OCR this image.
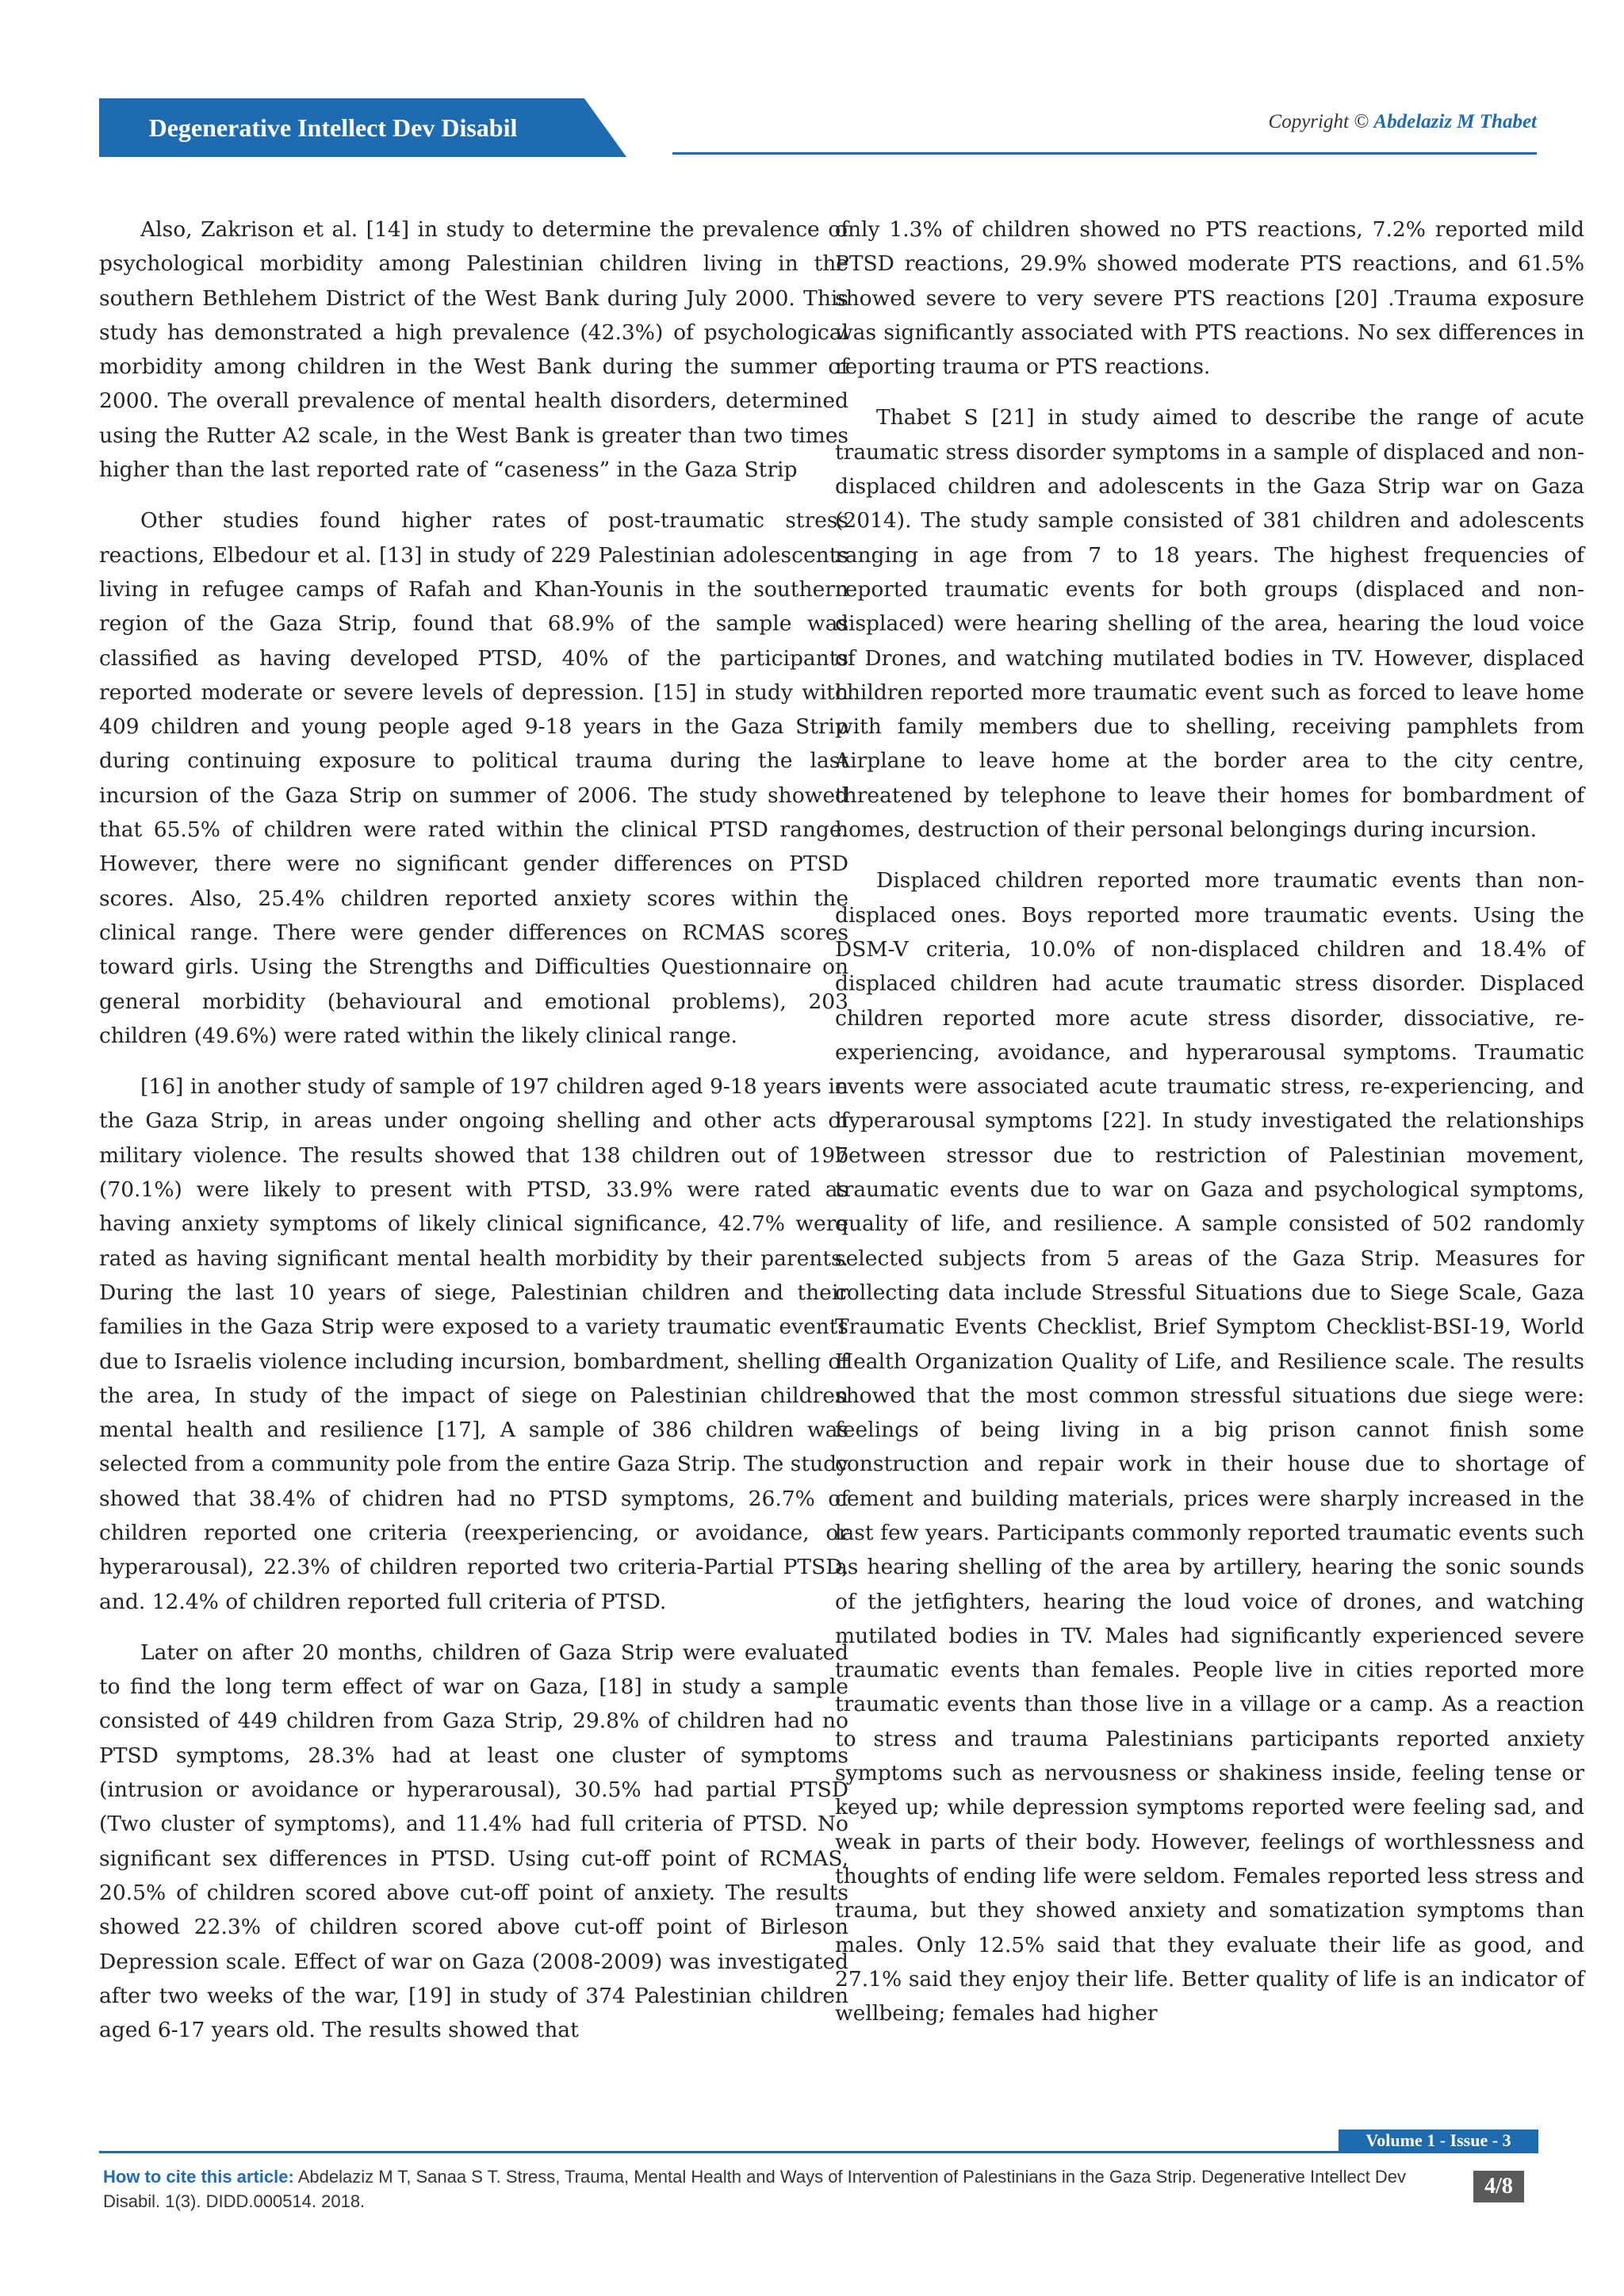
Degenerative Intellect Dev Disabil	Copyright © Abdelaziz M Thabet

Also, Zakrison et al. [14] in study to determine the prevalence of psychological morbidity among Palestinian children living in the southern Bethlehem District of the West Bank during July 2000. This study has demonstrated a high prevalence (42.3%) of psychological morbidity among children in the West Bank during the summer of 2000. The overall prevalence of mental health disorders, determined using the Rutter A2 scale, in the West Bank is greater than two times higher than the last reported rate of “caseness” in the Gaza Strip

Other studies found higher rates of post-traumatic stress reactions, Elbedour et al. [13] in study of 229 Palestinian adolescents living in refugee camps of Rafah and Khan-Younis in the southern region of the Gaza Strip, found that 68.9% of the sample was classified as having developed PTSD, 40% of the participants reported moderate or severe levels of depression. [15] in study with 409 children and young people aged 9-18 years in the Gaza Strip during continuing exposure to political trauma during the last incursion of the Gaza Strip on summer of 2006. The study showed that 65.5% of children were rated within the clinical PTSD range. However, there were no significant gender differences on PTSD scores. Also, 25.4% children reported anxiety scores within the clinical range. There were gender differences on RCMAS scores toward girls. Using the Strengths and Difficulties Questionnaire on general morbidity (behavioural and emotional problems), 203 children (49.6%) were rated within the likely clinical range.

[16] in another study of sample of 197 children aged 9-18 years in the Gaza Strip, in areas under ongoing shelling and other acts of military violence. The results showed that 138 children out of 197 (70.1%) were likely to present with PTSD, 33.9% were rated as having anxiety symptoms of likely clinical significance, 42.7% were rated as having significant mental health morbidity by their parents. During the last 10 years of siege, Palestinian children and their families in the Gaza Strip were exposed to a variety traumatic events due to Israelis violence including incursion, bombardment, shelling of the area, In study of the impact of siege on Palestinian children mental health and resilience [17], A sample of 386 children was selected from a community pole from the entire Gaza Strip. The study showed that 38.4% of chidren had no PTSD symptoms, 26.7% of children reported one criteria (reexperiencing, or avoidance, or hyperarousal), 22.3% of children reported two criteria-Partial PTSD, and. 12.4% of children reported full criteria of PTSD.

Later on after 20 months, children of Gaza Strip were evaluated to find the long term effect of war on Gaza, [18] in study a sample consisted of 449 children from Gaza Strip, 29.8% of children had no PTSD symptoms, 28.3% had at least one cluster of symptoms (intrusion or avoidance or hyperarousal), 30.5% had partial PTSD (Two cluster of symptoms), and 11.4% had full criteria of PTSD. No significant sex differences in PTSD. Using cut-off point of RCMAS, 20.5% of children scored above cut-off point of anxiety. The results showed 22.3% of children scored above cut-off point of Birleson Depression scale. Effect of war on Gaza (2008-2009) was investigated after two weeks of the war, [19] in study of 374 Palestinian children aged 6-17 years old. The results showed that

only 1.3% of children showed no PTS reactions, 7.2% reported mild PTSD reactions, 29.9% showed moderate PTS reactions, and 61.5% showed severe to very severe PTS reactions [20] .Trauma exposure was significantly associated with PTS reactions. No sex differences in reporting trauma or PTS reactions.

Thabet S [21] in study aimed to describe the range of acute traumatic stress disorder symptoms in a sample of displaced and non-displaced children and adolescents in the Gaza Strip war on Gaza (2014). The study sample consisted of 381 children and adolescents ranging in age from 7 to 18 years. The highest frequencies of reported traumatic events for both groups (displaced and non-displaced) were hearing shelling of the area, hearing the loud voice of Drones, and watching mutilated bodies in TV. However, displaced children reported more traumatic event such as forced to leave home with family members due to shelling, receiving pamphlets from Airplane to leave home at the border area to the city centre, threatened by telephone to leave their homes for bombardment of homes, destruction of their personal belongings during incursion.

Displaced children reported more traumatic events than non-displaced ones. Boys reported more traumatic events. Using the DSM-V criteria, 10.0% of non-displaced children and 18.4% of displaced children had acute traumatic stress disorder. Displaced children reported more acute stress disorder, dissociative, re-experiencing, avoidance, and hyperarousal symptoms. Traumatic events were associated acute traumatic stress, re-experiencing, and hyperarousal symptoms [22]. In study investigated the relationships between stressor due to restriction of Palestinian movement, traumatic events due to war on Gaza and psychological symptoms, quality of life, and resilience. A sample consisted of 502 randomly selected subjects from 5 areas of the Gaza Strip. Measures for collecting data include Stressful Situations due to Siege Scale, Gaza Traumatic Events Checklist, Brief Symptom Checklist-BSI-19, World Health Organization Quality of Life, and Resilience scale. The results showed that the most common stressful situations due siege were: feelings of being living in a big prison cannot finish some construction and repair work in their house due to shortage of cement and building materials, prices were sharply increased in the last few years. Participants commonly reported traumatic events such as hearing shelling of the area by artillery, hearing the sonic sounds of the jetfighters, hearing the loud voice of drones, and watching mutilated bodies in TV. Males had significantly experienced severe traumatic events than females. People live in cities reported more traumatic events than those live in a village or a camp. As a reaction to stress and trauma Palestinians participants reported anxiety symptoms such as nervousness or shakiness inside, feeling tense or keyed up; while depression symptoms reported were feeling sad, and weak in parts of their body. However, feelings of worthlessness and thoughts of ending life were seldom. Females reported less stress and trauma, but they showed anxiety and somatization symptoms than males. Only 12.5% said that they evaluate their life as good, and 27.1% said they enjoy their life. Better quality of life is an indicator of wellbeing; females had higher

Volume 1 - Issue - 3
How to cite this article: Abdelaziz M T, Sanaa S T. Stress, Trauma, Mental Health and Ways of Intervention of Palestinians in the Gaza Strip. Degenerative Intellect Dev Disabil. 1(3). DIDD.000514. 2018.
4/8
